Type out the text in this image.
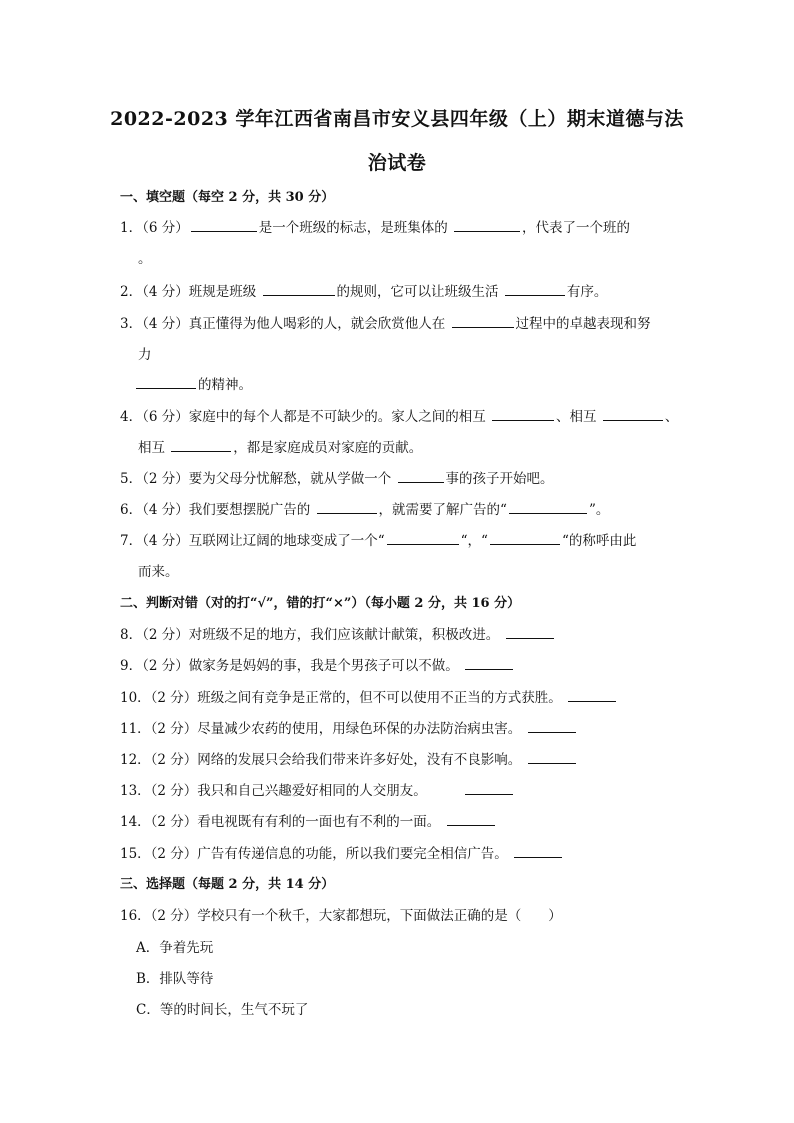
2022-2023 学年江西省南昌市安义县四年级（上）期末道德与法
治试卷
一、填空题（每空 2 分，共 30 分）
1．（6 分）	是一个班级的标志，是班集体的	，代表了一个班的
。
2．（4 分）班规是班级	的规则，它可以让班级生活	有序。
3．（4 分）真正懂得为他人喝彩的人，就会欣赏他人在	过程中的卓越表现和努
力
的精神。
4．（6 分）家庭中的每个人都是不可缺少的。家人之间的相互	、相互	、
相互	，都是家庭成员对家庭的贡献。
5．（2 分）要为父母分忧解愁，就从学做一个	事的孩子开始吧。
6．（4 分）我们要想摆脱广告的	，就需要了解广告的“	”。
7．（4 分）互联网让辽阔的地球变成了一个“	“，“	“的称呼由此
而来。
二、判断对错（对的打“√”，错的打“×”）（每小题 2 分，共 16 分）
8．（2 分）对班级不足的地方，我们应该献计献策，积极改进。
9．（2 分）做家务是妈妈的事，我是个男孩子可以不做。
10．（2 分）班级之间有竞争是正常的，但不可以使用不正当的方式获胜。
11．（2 分）尽量减少农药的使用，用绿色环保的办法防治病虫害。
12．（2 分）网络的发展只会给我们带来许多好处，没有不良影响。
13．（2 分）我只和自己兴趣爱好相同的人交朋友。
14．（2 分）看电视既有有利的一面也有不利的一面。
15．（2 分）广告有传递信息的功能，所以我们要完全相信广告。
三、选择题（每题 2 分，共 14 分）
16．（2 分）学校只有一个秋千，大家都想玩，下面做法正确的是（　　）
A．争着先玩
B．排队等待
C．等的时间长，生气不玩了
